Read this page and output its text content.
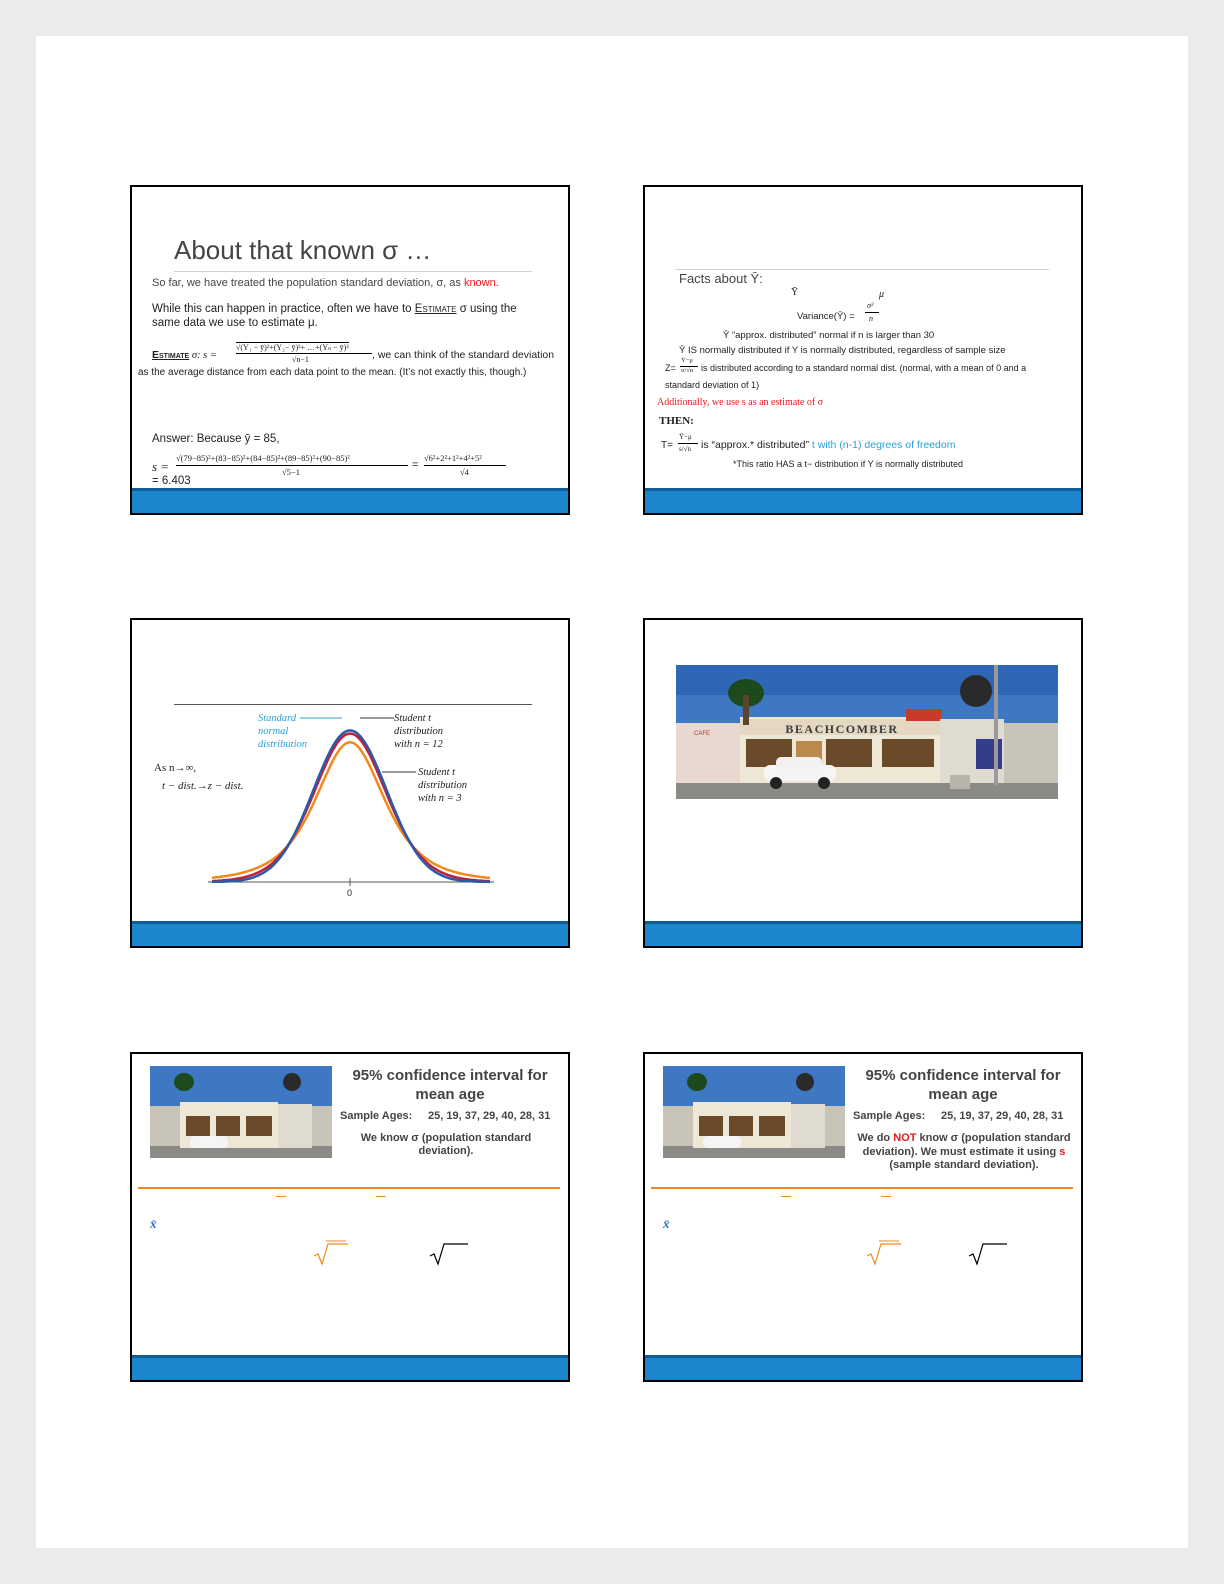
About that known σ …
So far, we have treated the population standard deviation, σ, as known.
While this can happen in practice, often we have to Estimate σ using the
same data we use to estimate μ.
Estimate σ: s =
√(Y₁ − ȳ)²+(Y₂− ȳ)²+ …+(Yₙ − ȳ)²
√n−1	, we can think of the standard deviation
as the average distance from each data point to the mean. (It’s not exactly this, though.)
Answer: Because ȳ = 85,
s =
√(79−85)²+(83−85)²+(84−85)²+(89−85)²+(90−85)²
√5−1
=
√6²+2²+1²+4²+5²
√4
= 6.403
Facts about Ȳ:
Ȳ	μ
Variance(Ȳ) =
σ²
n
Ȳ “approx. distributed” normal if n is larger than 30
Ȳ IS normally distributed if Y is normally distributed, regardless of sample size
Z=
Ȳ−μ
σ/√n is distributed according to a standard normal dist. (normal, with a mean of 0 and a
standard deviation of 1)
Additionally, we use s as an estimate of σ
THEN:
T=
Ȳ−μ
s/√n is “approx.* distributed” t with (n-1) degrees of freedom
*This ratio HAS a t− distribution if Y is normally distributed
Standard
normal
distribution
Student t
distribution
with n = 12
Student t
distribution
with n = 3
As n→∞,
t − dist.→z − dist.
0
BEACHCOMBER
CAFE
95% confidence interval for mean age
Sample Ages: 25, 19, 37, 29, 40, 28, 31
We know σ (population standard deviation).
x̄
95% confidence interval for mean age
Sample Ages: 25, 19, 37, 29, 40, 28, 31
We do NOT know σ (population standard
deviation). We must estimate it using s
(sample standard deviation).
x̄
